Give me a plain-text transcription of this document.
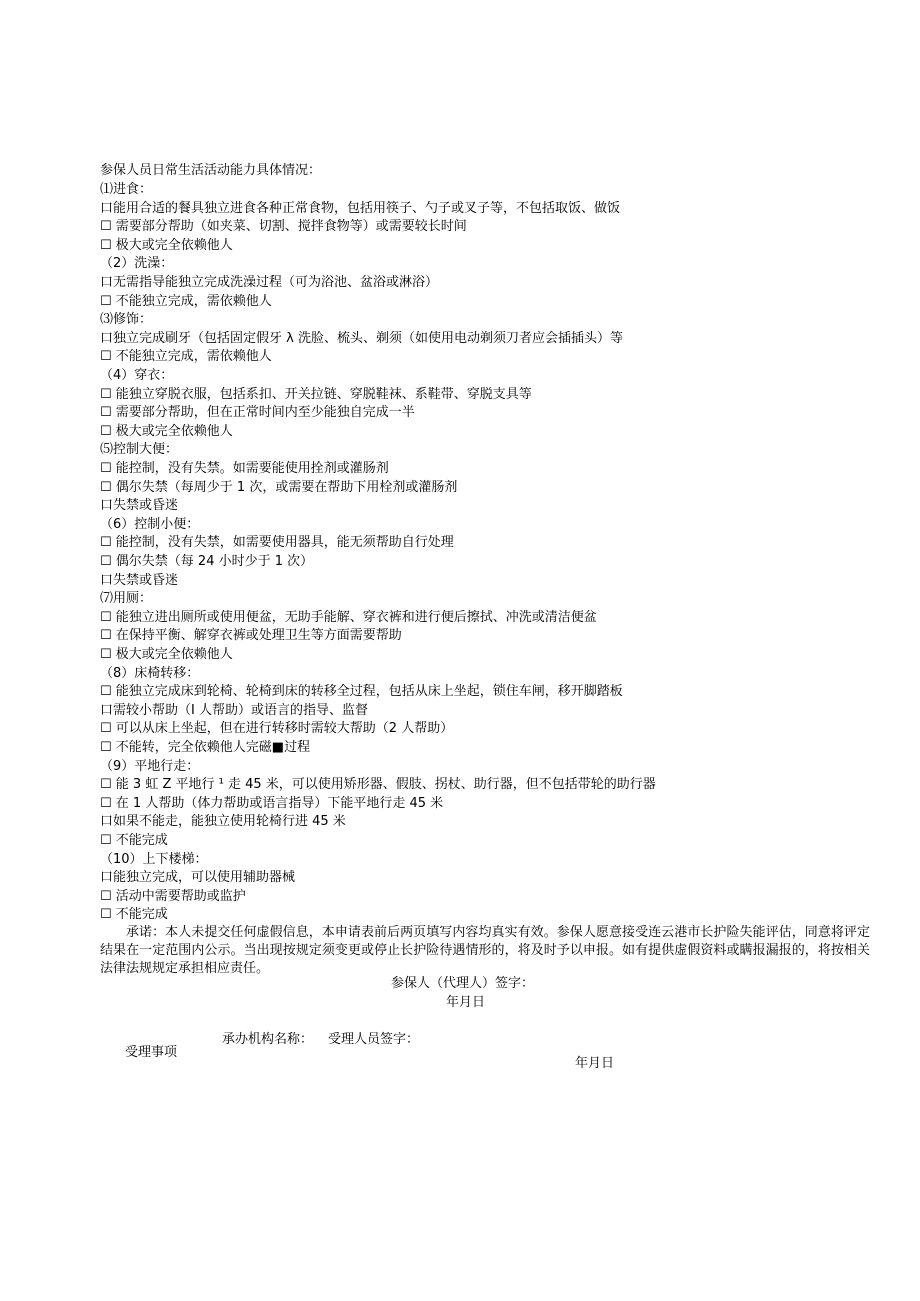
参保人员日常生活活动能力具体情况：
⑴进食：
口能用合适的餐具独立进食各种正常食物，包括用筷子、勺子或叉子等，不包括取饭、做饭
☐ 需要部分帮助（如夹菜、切割、搅拌食物等）或需要较长时间
☐ 极大或完全依赖他人
（2）洗澡：
口无需指导能独立完成洗澡过程（可为浴池、盆浴或淋浴）
☐ 不能独立完成，需依赖他人
⑶修饰：
口独立完成刷牙（包括固定假牙 λ 洗脸、梳头、剃须（如使用电动剃须刀者应会插插头）等
☐ 不能独立完成，需依赖他人
（4）穿衣：
☐ 能独立穿脱衣服，包括系扣、开关拉链、穿脱鞋袜、系鞋带、穿脱支具等
☐ 需要部分帮助，但在正常时间内至少能独自完成一半
☐ 极大或完全依赖他人
⑸控制大便：
☐ 能控制，没有失禁。如需要能使用拴剂或灌肠剂
☐ 偶尔失禁（每周少于 1 次，或需要在帮助下用栓剂或灌肠剂
口失禁或昏迷
（6）控制小便：
☐ 能控制，没有失禁，如需要使用器具，能无须帮助自行处理
☐ 偶尔失禁（每 24 小时少于 1 次）
口失禁或昏迷
⑺用厕：
☐ 能独立进出厕所或使用便盆，无助手能解、穿衣裤和进行便后擦拭、冲洗或清洁便盆
☐ 在保持平衡、解穿衣裤或处理卫生等方面需要帮助
☐ 极大或完全依赖他人
（8）床椅转移：
☐ 能独立完成床到轮椅、轮椅到床的转移全过程，包括从床上坐起，锁住车闸，移开脚踏板
口需较小帮助（I 人帮助）或语言的指导、监督
☐ 可以从床上坐起，但在进行转移时需较大帮助（2 人帮助）
☐ 不能转，完全依赖他人完磁■过程
（9）平地行走：
☐ 能 3 虹 Z 平地行 ¹ 走 45 米，可以使用矫形器、假肢、拐杖、助行器，但不包括带轮的助行器
☐ 在 1 人帮助（体力帮助或语言指导）下能平地行走 45 米
口如果不能走，能独立使用轮椅行进 45 米
☐ 不能完成
（10）上下楼梯：
口能独立完成，可以使用辅助器械
☐ 活动中需要帮助或监护
☐ 不能完成
承诺：本人未提交任何虚假信息，本申请表前后两页填写内容均真实有效。参保人愿意接受连云港市长护险失能评估，同意将评定结果在一定范围内公示。当出现按规定须变更或停止长护险待遇情形的，将及时予以申报。如有提供虚假资料或瞒报漏报的，将按相关法律法规规定承担相应责任。
参保人（代理人）签字：
年月日
承办机构名称： 受理人员签字：
受理事项
年月日
